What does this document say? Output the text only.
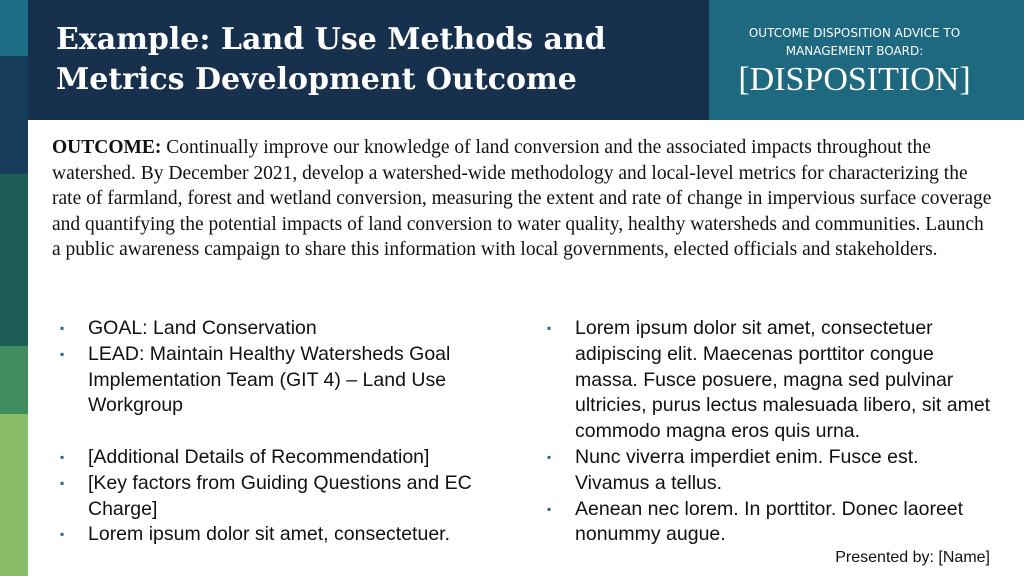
Example: Land Use Methods and
Metrics Development Outcome
OUTCOME DISPOSITION ADVICE TO MANAGEMENT BOARD:
[DISPOSITION]

OUTCOME: Continually improve our knowledge of land conversion and the associated impacts throughout the watershed. By December 2021, develop a watershed-wide methodology and local-level metrics for characterizing the rate of farmland, forest and wetland conversion, measuring the extent and rate of change in impervious surface coverage and quantifying the potential impacts of land conversion to water quality, healthy watersheds and communities. Launch a public awareness campaign to share this information with local governments, elected officials and stakeholders.

▪ GOAL: Land Conservation
▪ LEAD: Maintain Healthy Watersheds Goal Implementation Team (GIT 4) – Land Use Workgroup
▪ [Additional Details of Recommendation]
▪ [Key factors from Guiding Questions and EC Charge]
▪ Lorem ipsum dolor sit amet, consectetuer.
▪ Lorem ipsum dolor sit amet, consectetuer adipiscing elit. Maecenas porttitor congue massa. Fusce posuere, magna sed pulvinar ultricies, purus lectus malesuada libero, sit amet commodo magna eros quis urna.
▪ Nunc viverra imperdiet enim. Fusce est. Vivamus a tellus.
▪ Aenean nec lorem. In porttitor. Donec laoreet nonummy augue.
Presented by: [Name]
